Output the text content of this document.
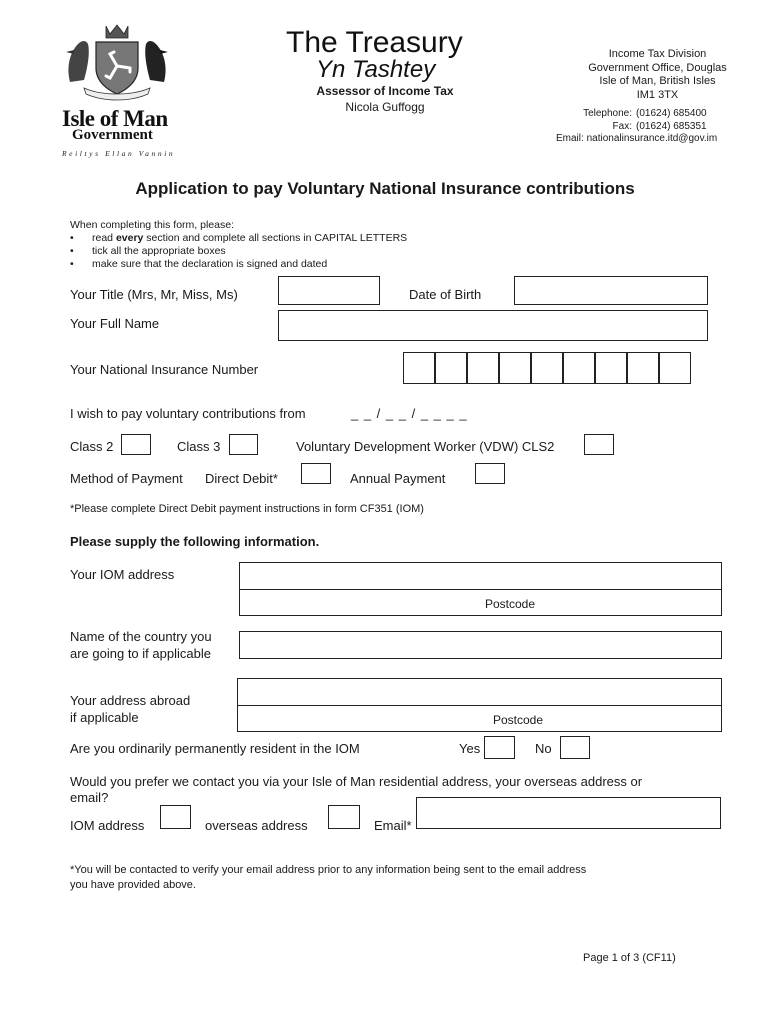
Isle of Man
Government
Reiltys Ellan Vannin
The Treasury
Yn Tashtey
Assessor of Income Tax
Nicola Guffogg
Income Tax Division
Government Office, Douglas
Isle of Man, British Isles
IM1 3TX
Telephone: (01624) 685400
Fax: (01624) 685351
Email: nationalinsurance.itd@gov.im
Application to pay Voluntary National Insurance contributions
When completing this form, please:
• read every section and complete all sections in CAPITAL LETTERS
• tick all the appropriate boxes
• make sure that the declaration is signed and dated
Your Title (Mrs, Mr, Miss, Ms)	Date of Birth
Your Full Name
Your National Insurance Number
I wish to pay voluntary contributions from	_ _ / _ _ / _ _ _ _
Class 2	Class 3	Voluntary Development Worker (VDW) CLS2
Method of Payment Direct Debit*	Annual Payment
*Please complete Direct Debit payment instructions in form CF351 (IOM)
Please supply the following information.
Your IOM address
Postcode
Name of the country you
are going to if applicable
Your address abroad
if applicable	Postcode
Are you ordinarily permanently resident in the IOM	Yes	No
Would you prefer we contact you via your Isle of Man residential address, your overseas address or
email?
IOM address	overseas address	Email*
*You will be contacted to verify your email address prior to any information being sent to the email address
you have provided above.
Page 1 of 3 (CF11)
